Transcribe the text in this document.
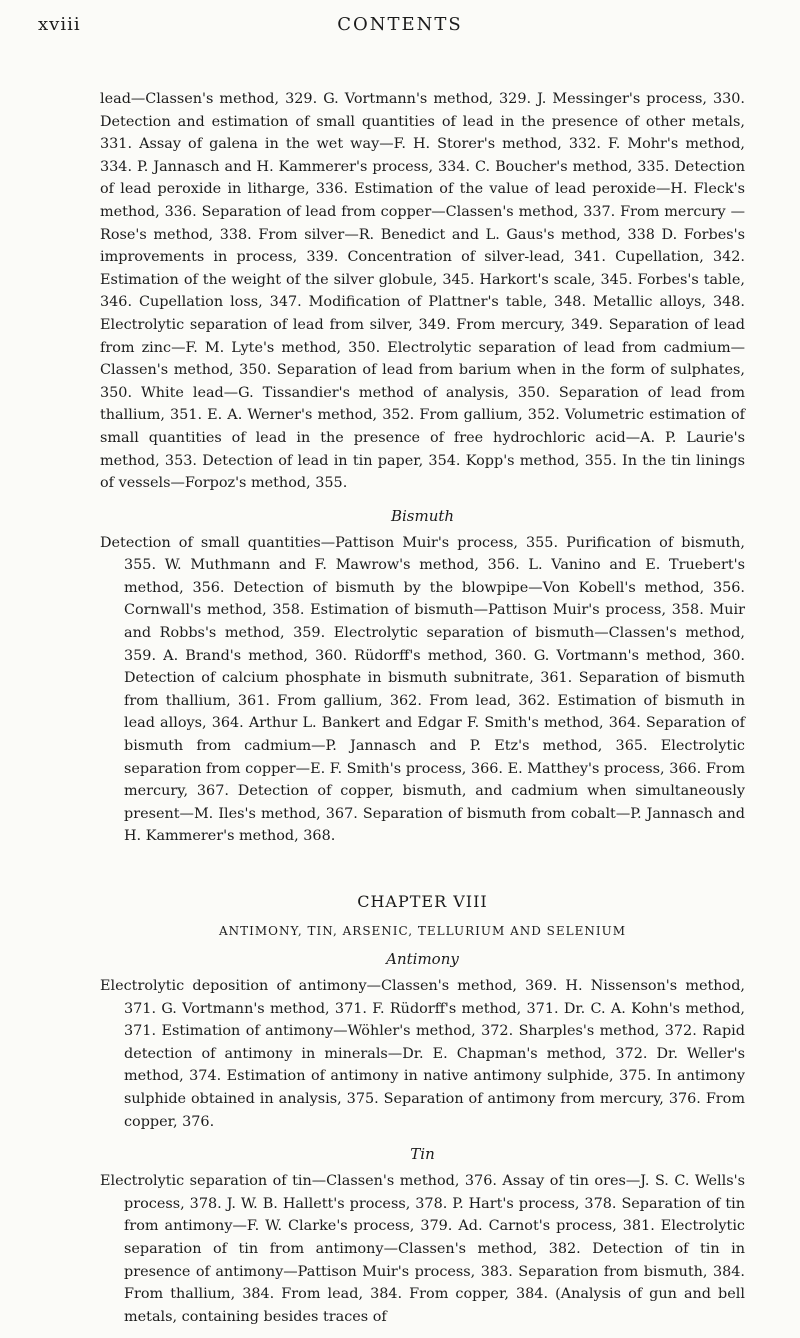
xviii	CONTENTS

lead—Classen's method, 329. G. Vortmann's method, 329. J. Messinger's process, 330. Detection and estimation of small quantities of lead in the presence of other metals, 331. Assay of galena in the wet way—F. H. Storer's method, 332. F. Mohr's method, 334. P. Jannasch and H. Kammerer's process, 334. C. Boucher's method, 335. Detection of lead peroxide in litharge, 336. Estimation of the value of lead peroxide—H. Fleck's method, 336. Separation of lead from copper—Classen's method, 337. From mercury —Rose's method, 338. From silver—R. Benedict and L. Gaus's method, 338 D. Forbes's improvements in process, 339. Concentration of silver-lead, 341. Cupellation, 342. Estimation of the weight of the silver globule, 345. Harkort's scale, 345. Forbes's table, 346. Cupellation loss, 347. Modification of Plattner's table, 348. Metallic alloys, 348. Electrolytic separation of lead from silver, 349. From mercury, 349. Separation of lead from zinc—F. M. Lyte's method, 350. Electrolytic separation of lead from cadmium—Classen's method, 350. Separation of lead from barium when in the form of sulphates, 350. White lead—G. Tissandier's method of analysis, 350. Separation of lead from thallium, 351. E. A. Werner's method, 352. From gallium, 352. Volumetric estimation of small quantities of lead in the presence of free hydrochloric acid—A. P. Laurie's method, 353. Detection of lead in tin paper, 354. Kopp's method, 355. In the tin linings of vessels—Forpoz's method, 355.

Bismuth

Detection of small quantities—Pattison Muir's process, 355. Purification of bismuth, 355. W. Muthmann and F. Mawrow's method, 356. L. Vanino and E. Truebert's method, 356. Detection of bismuth by the blowpipe—Von Kobell's method, 356. Cornwall's method, 358. Estimation of bismuth—Pattison Muir's process, 358. Muir and Robbs's method, 359. Electrolytic separation of bismuth—Classen's method, 359. A. Brand's method, 360. Rüdorff's method, 360. G. Vortmann's method, 360. Detection of calcium phosphate in bismuth subnitrate, 361. Separation of bismuth from thallium, 361. From gallium, 362. From lead, 362. Estimation of bismuth in lead alloys, 364. Arthur L. Bankert and Edgar F. Smith's method, 364. Separation of bismuth from cadmium—P. Jannasch and P. Etz's method, 365. Electrolytic separation from copper—E. F. Smith's process, 366. E. Matthey's process, 366. From mercury, 367. Detection of copper, bismuth, and cadmium when simultaneously present—M. Iles's method, 367. Separation of bismuth from cobalt—P. Jannasch and H. Kammerer's method, 368.

CHAPTER VIII

ANTIMONY, TIN, ARSENIC, TELLURIUM AND SELENIUM

Antimony

Electrolytic deposition of antimony—Classen's method, 369. H. Nissenson's method, 371. G. Vortmann's method, 371. F. Rüdorff's method, 371. Dr. C. A. Kohn's method, 371. Estimation of antimony—Wöhler's method, 372. Sharples's method, 372. Rapid detection of antimony in minerals—Dr. E. Chapman's method, 372. Dr. Weller's method, 374. Estimation of antimony in native antimony sulphide, 375. In antimony sulphide obtained in analysis, 375. Separation of antimony from mercury, 376. From copper, 376.

Tin

Electrolytic separation of tin—Classen's method, 376. Assay of tin ores—J. S. C. Wells's process, 378. J. W. B. Hallett's process, 378. P. Hart's process, 378. Separation of tin from antimony—F. W. Clarke's process, 379. Ad. Carnot's process, 381. Electrolytic separation of tin from antimony—Classen's method, 382. Detection of tin in presence of antimony—Pattison Muir's process, 383. Separation from bismuth, 384. From thallium, 384. From lead, 384. From copper, 384. (Analysis of gun and bell metals, containing besides traces of
